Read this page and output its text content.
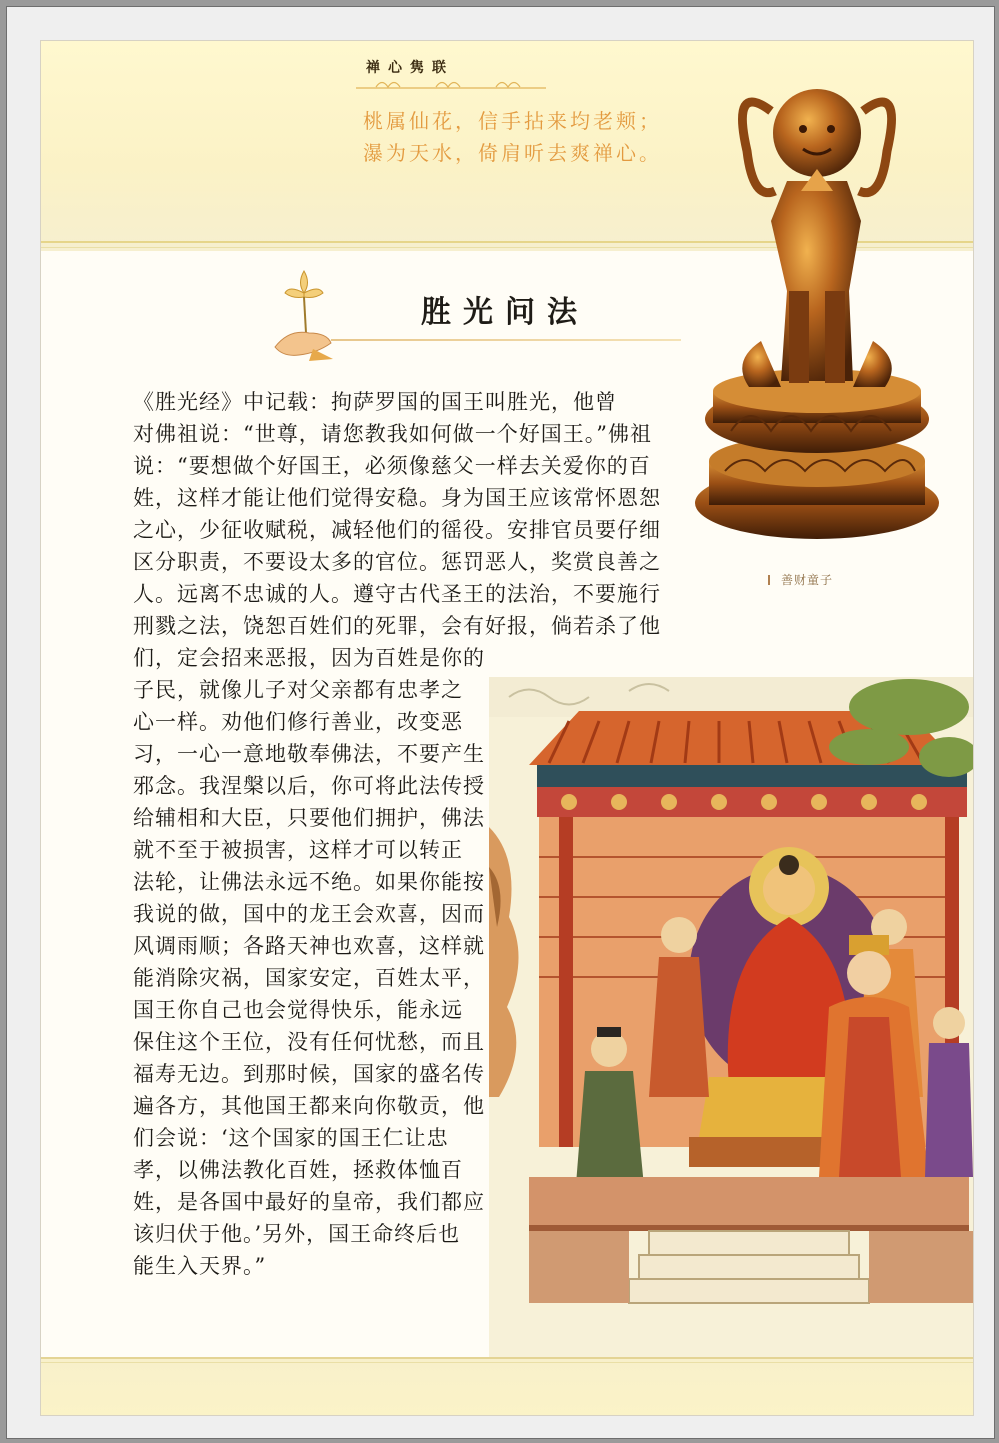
禅心隽联
桃属仙花，信手拈来均老颊；
瀑为天水，倚肩听去爽禅心。
善财童子
胜光问法
《胜光经》中记载：拘萨罗国的国王叫胜光，他曾
对佛祖说：“世尊，请您教我如何做一个好国王。”佛祖
说：“要想做个好国王，必须像慈父一样去关爱你的百
姓，这样才能让他们觉得安稳。身为国王应该常怀恩恕
之心，少征收赋税，减轻他们的徭役。安排官员要仔细
区分职责，不要设太多的官位。惩罚恶人，奖赏良善之
人。远离不忠诚的人。遵守古代圣王的法治，不要施行
刑戮之法，饶恕百姓们的死罪，会有好报，倘若杀了他
们，定会招来恶报，因为百姓是你的
子民，就像儿子对父亲都有忠孝之
心一样。劝他们修行善业，改变恶
习，一心一意地敬奉佛法，不要产生
邪念。我涅槃以后，你可将此法传授
给辅相和大臣，只要他们拥护，佛法
就不至于被损害，这样才可以转正
法轮，让佛法永远不绝。如果你能按
我说的做，国中的龙王会欢喜，因而
风调雨顺；各路天神也欢喜，这样就
能消除灾祸，国家安定，百姓太平，
国王你自己也会觉得快乐，能永远
保住这个王位，没有任何忧愁，而且
福寿无边。到那时候，国家的盛名传
遍各方，其他国王都来向你敬贡，他
们会说：‘这个国家的国王仁让忠
孝，以佛法教化百姓，拯救体恤百
姓，是各国中最好的皇帝，我们都应
该归伏于他。’另外，国王命终后也
能生入天界。”
